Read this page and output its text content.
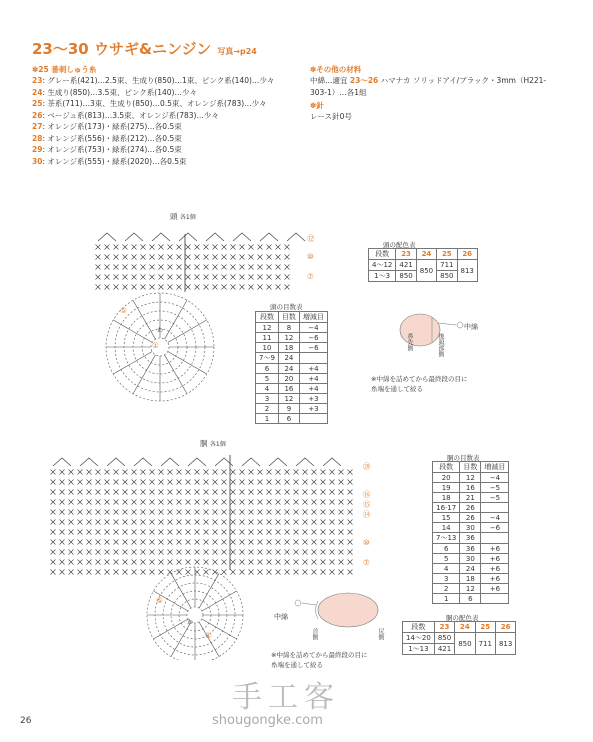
23〜30 ウサギ&ニンジン 写真→p24
✽25 番刺しゅう糸
23: グレー系(421)…2.5束、生成り(850)…1束、ピンク系(140)…少々
24: 生成り(850)…3.5束、ピンク系(140)…少々
25: 茶系(711)…3束、生成り(850)…0.5束、オレンジ系(783)…少々
26: ベージュ系(813)…3.5束、オレンジ系(783)…少々
27: オレンジ系(173)・緑系(275)…各0.5束
28: オレンジ系(556)・緑系(212)…各0.5束
29: オレンジ系(753)・緑系(274)…各0.5束
30: オレンジ系(555)・緑系(2020)…各0.5束
✽その他の材料
中綿…適宜 23〜26 ハマナカ ソリッドアイ/ブラック・3mm（H221-
303-1）…各1組
✽針
レース針0号
頭 各1個
⑫
⑩
⑦
⑤
①
わ
頭の配色表
段数	23	24	25	26
4〜12	421	850	711	813
1〜3	850		850	
頭の目数表
段数	目数	増減目
12	8	−4
11	12	−6
10	18	−6
7〜9	24	
6	24	+4
5	20	+4
4	16	+4
3	12	+3
2	9	+3
1	6	
中綿
鼻先側	後頭部側
※中綿を詰めてから最終段の目に
糸端を通して絞る
胴 各1個
⑳
⑯
⑮
⑭
⑩
⑦
⑤
①
わ
胴の目数表
段数	目数	増減目
20	12	−4
19	16	−5
18	21	−5
16·17	26	
15	26	−4
14	30	−6
7〜13	36	
6	36	+6
5	30	+6
4	24	+6
3	18	+6
2	12	+6
1	6	
中綿
首側	尻側
※中綿を詰めてから最終段の目に
糸端を通して絞る
胴の配色表
段数	23	24	25	26
14〜20	850	850	711	813
1〜13	421			
26
手工客
shougongke.com
